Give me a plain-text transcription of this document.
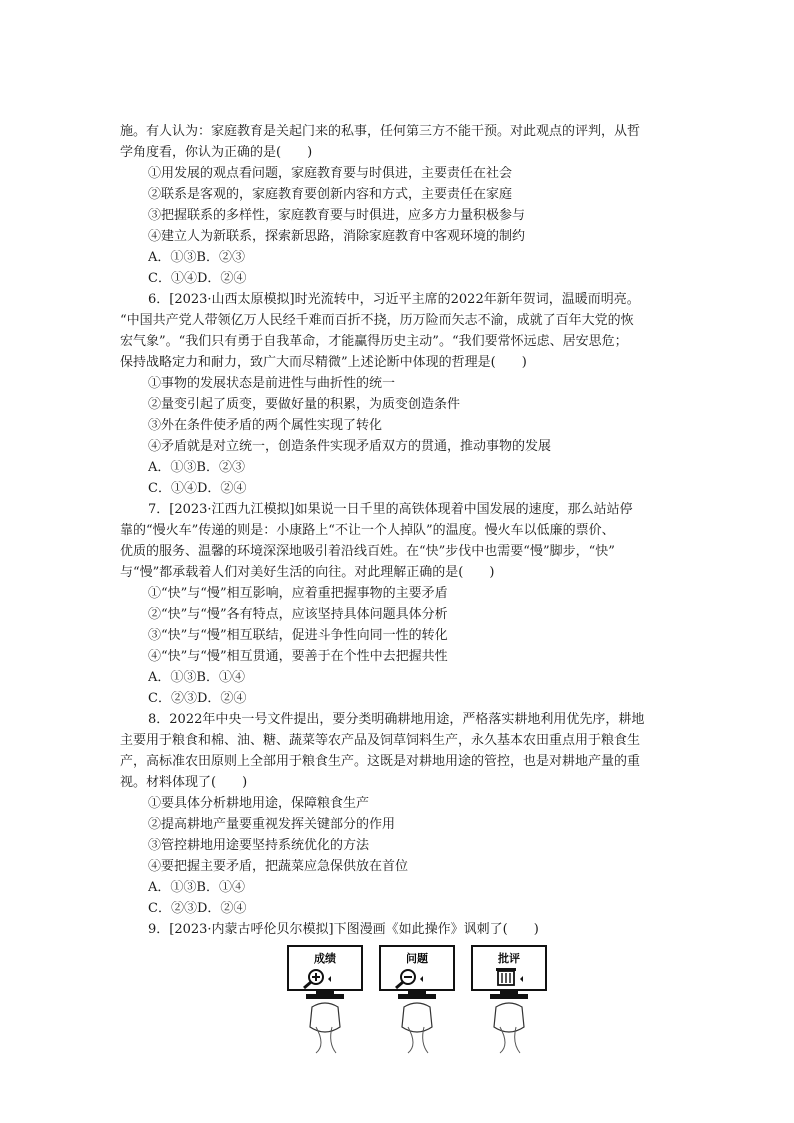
施。有人认为：家庭教育是关起门来的私事，任何第三方不能干预。对此观点的评判，从哲
学角度看，你认为正确的是(　　)
①用发展的观点看问题，家庭教育要与时俱进，主要责任在社会
②联系是客观的，家庭教育要创新内容和方式，主要责任在家庭
③把握联系的多样性，家庭教育要与时俱进，应多方力量积极参与
④建立人为新联系，探索新思路，消除家庭教育中客观环境的制约
A．①③B．②③
C．①④D．②④
6．[2023·山西太原模拟]时光流转中，习近平主席的2022年新年贺词，温暖而明亮。
“中国共产党人带领亿万人民经千难而百折不挠，历万险而矢志不渝，成就了百年大党的恢
宏气象”。“我们只有勇于自我革命，才能赢得历史主动”。“我们要常怀远虑、居安思危；
保持战略定力和耐力，致广大而尽精微”上述论断中体现的哲理是(　　)
①事物的发展状态是前进性与曲折性的统一
②量变引起了质变，要做好量的积累，为质变创造条件
③外在条件使矛盾的两个属性实现了转化
④矛盾就是对立统一，创造条件实现矛盾双方的贯通，推动事物的发展
A．①③B．②③
C．①④D．②④
7．[2023·江西九江模拟]如果说一日千里的高铁体现着中国发展的速度，那么站站停
靠的“慢火车”传递的则是：小康路上“不让一个人掉队”的温度。慢火车以低廉的票价、
优质的服务、温馨的环境深深地吸引着沿线百姓。在“快”步伐中也需要“慢”脚步，“快”
与“慢”都承载着人们对美好生活的向往。对此理解正确的是(　　)
①“快”与“慢”相互影响，应着重把握事物的主要矛盾
②“快”与“慢”各有特点，应该坚持具体问题具体分析
③“快”与“慢”相互联结，促进斗争性向同一性的转化
④“快”与“慢”相互贯通，要善于在个性中去把握共性
A．①③B．①④
C．②③D．②④
8．2022年中央一号文件提出，要分类明确耕地用途，严格落实耕地利用优先序，耕地
主要用于粮食和棉、油、糖、蔬菜等农产品及饲草饲料生产，永久基本农田重点用于粮食生
产，高标准农田原则上全部用于粮食生产。这既是对耕地用途的管控，也是对耕地产量的重
视。材料体现了(　　)
①要具体分析耕地用途，保障粮食生产
②提高耕地产量要重视发挥关键部分的作用
③管控耕地用途要坚持系统优化的方法
④要把握主要矛盾，把蔬菜应急保供放在首位
A．①③B．①④
C．②③D．②④
9．[2023·内蒙古呼伦贝尔模拟]下图漫画《如此操作》讽刺了(　　)
成绩	问题	批评
